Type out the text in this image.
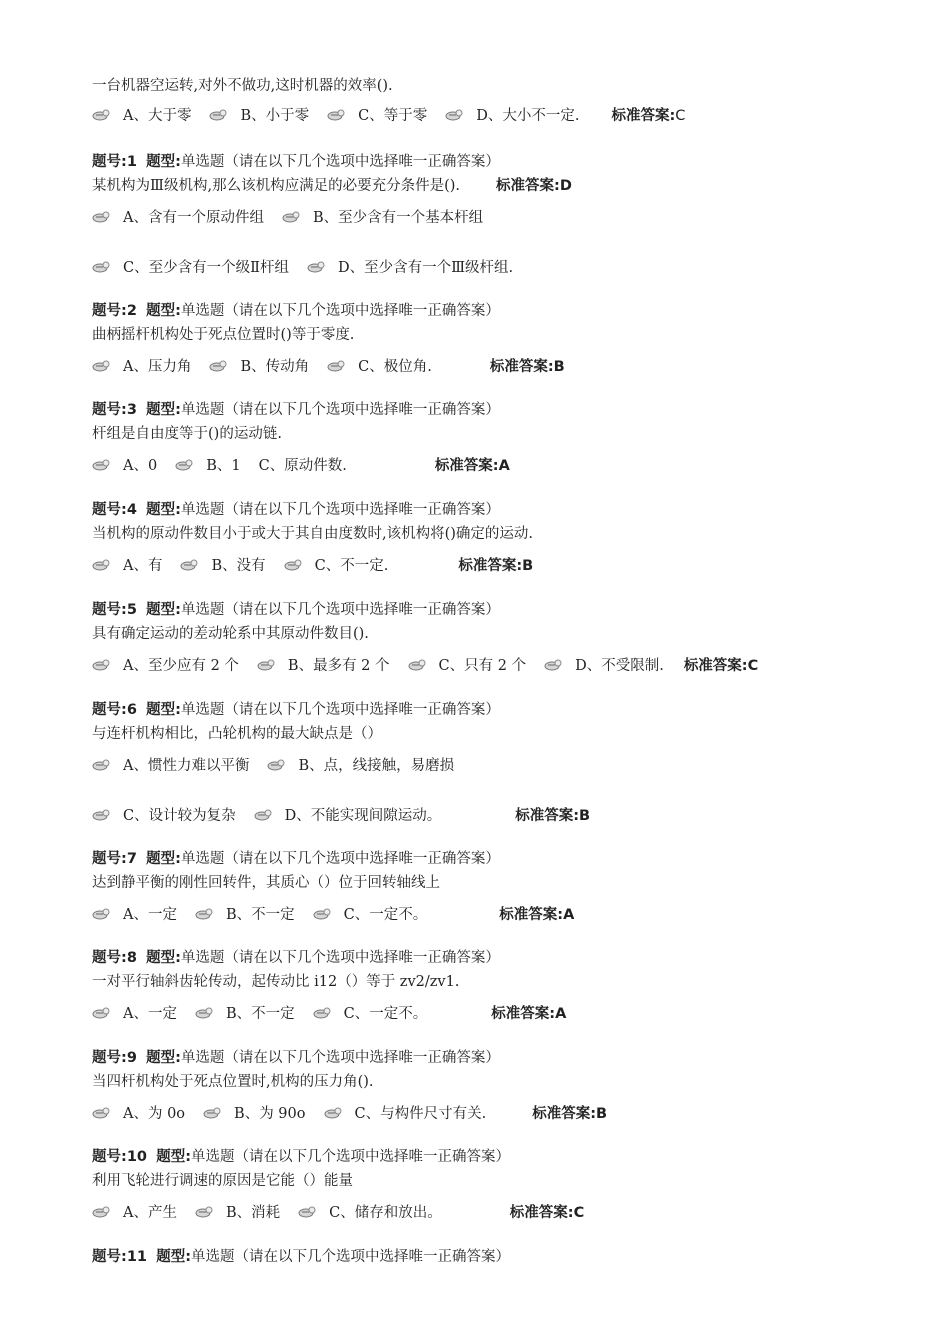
一台机器空运转,对外不做功,这时机器的效率().
A、大于零	B、小于零	C、等于零	D、大小不一定. 标准答案:C
题号:1 题型:单选题（请在以下几个选项中选择唯一正确答案）
某机构为Ⅲ级机构,那么该机构应满足的必要充分条件是(). 标准答案:D
A、含有一个原动件组	B、至少含有一个基本杆组
C、至少含有一个级Ⅱ杆组	D、至少含有一个Ⅲ级杆组.
题号:2 题型:单选题（请在以下几个选项中选择唯一正确答案）
曲柄摇杆机构处于死点位置时()等于零度.
A、压力角	B、传动角	C、极位角.	标准答案:B
题号:3 题型:单选题（请在以下几个选项中选择唯一正确答案）
杆组是自由度等于()的运动链.
A、0	B、1 C、原动件数.	标准答案:A
题号:4 题型:单选题（请在以下几个选项中选择唯一正确答案）
当机构的原动件数目小于或大于其自由度数时,该机构将()确定的运动.
A、有	B、没有	C、不一定.	标准答案:B
题号:5 题型:单选题（请在以下几个选项中选择唯一正确答案）
具有确定运动的差动轮系中其原动件数目().
A、至少应有 2 个	B、最多有 2 个	C、只有 2 个	D、不受限制. 标准答案:C
题号:6 题型:单选题（请在以下几个选项中选择唯一正确答案）
与连杆机构相比，凸轮机构的最大缺点是（）
A、惯性力难以平衡	B、点，线接触，易磨损
C、设计较为复杂	D、不能实现间隙运动。	标准答案:B
题号:7 题型:单选题（请在以下几个选项中选择唯一正确答案）
达到静平衡的刚性回转件，其质心（）位于回转轴线上
A、一定	B、不一定	C、一定不。	标准答案:A
题号:8 题型:单选题（请在以下几个选项中选择唯一正确答案）
一对平行轴斜齿轮传动，起传动比 i12（）等于 zv2/zv1.
A、一定	B、不一定	C、一定不。	标准答案:A
题号:9 题型:单选题（请在以下几个选项中选择唯一正确答案）
当四杆机构处于死点位置时,机构的压力角().
A、为 0o	B、为 90o	C、与构件尺寸有关.	标准答案:B
题号:10 题型:单选题（请在以下几个选项中选择唯一正确答案）
利用飞轮进行调速的原因是它能（）能量
A、产生	B、消耗	C、储存和放出。	标准答案:C
题号:11 题型:单选题（请在以下几个选项中选择唯一正确答案）
